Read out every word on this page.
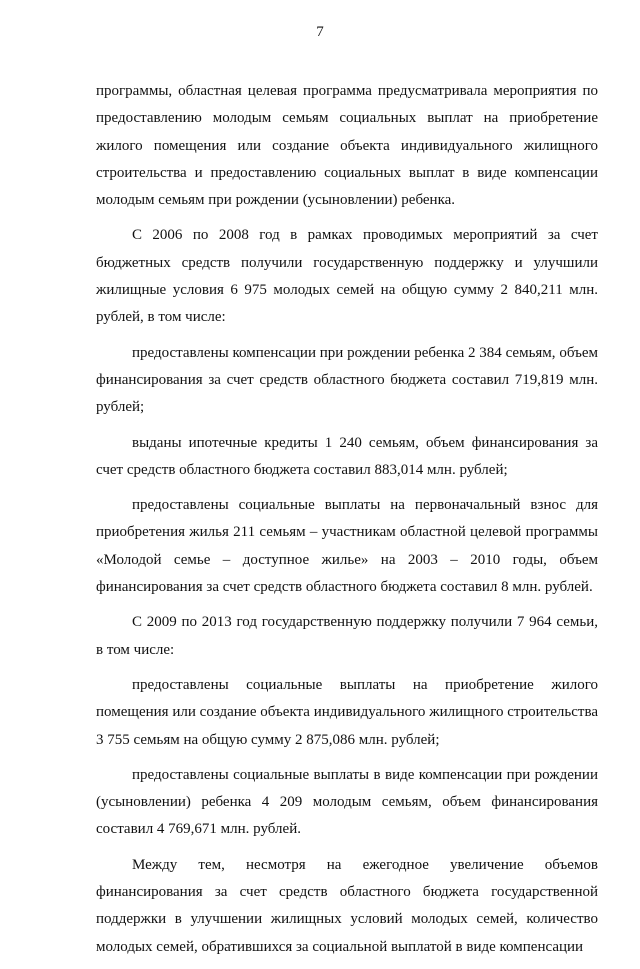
7

программы, областная целевая программа предусматривала мероприятия по предоставлению молодым семьям социальных выплат на приобретение жилого помещения или создание объекта индивидуального жилищного строительства и предоставлению социальных выплат в виде компенсации молодым семьям при рождении (усыновлении) ребенка.

С 2006 по 2008 год в рамках проводимых мероприятий за счет бюджетных средств получили государственную поддержку и улучшили жилищные условия 6 975 молодых семей на общую сумму 2 840,211 млн. рублей, в том числе:

предоставлены компенсации при рождении ребенка 2 384 семьям, объем финансирования за счет средств областного бюджета составил 719,819 млн. рублей;

выданы ипотечные кредиты 1 240 семьям, объем финансирования за счет средств областного бюджета составил 883,014 млн. рублей;

предоставлены социальные выплаты на первоначальный взнос для приобретения жилья 211 семьям – участникам областной целевой программы «Молодой семье – доступное жилье» на 2003 – 2010 годы, объем финансирования за счет средств областного бюджета составил 8 млн. рублей.

С 2009 по 2013 год государственную поддержку получили 7 964 семьи, в том числе:

предоставлены социальные выплаты на приобретение жилого помещения или создание объекта индивидуального жилищного строительства 3 755 семьям на общую сумму 2 875,086 млн. рублей;

предоставлены социальные выплаты в виде компенсации при рождении (усыновлении) ребенка 4 209 молодым семьям, объем финансирования составил 4 769,671 млн. рублей.

Между тем, несмотря на ежегодное увеличение объемов финансирования за счет средств областного бюджета государственной поддержки в улучшении жилищных условий молодых семей, количество молодых семей, обратившихся за социальной выплатой в виде компенсации
